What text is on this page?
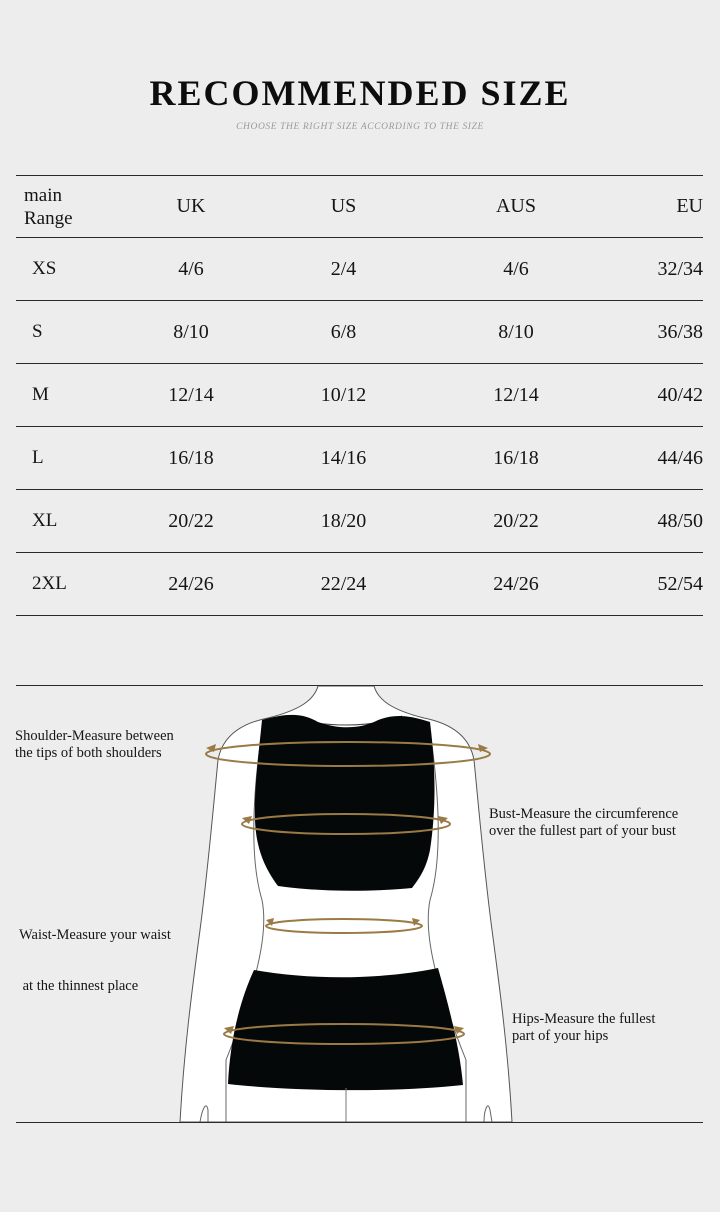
RECOMMENDED SIZE
CHOOSE THE RIGHT SIZE ACCORDING TO THE SIZE
main
Range	UK	US	AUS	EU
XS	4/6	2/4	4/6	32/34
S	8/10	6/8	8/10	36/38
M	12/14	10/12	12/14	40/42
L	16/18	14/16	16/18	44/46
XL	20/22	18/20	20/22	48/50
2XL	24/26	22/24	24/26	52/54
Shoulder-Measure between
the tips of both shoulders
Bust-Measure the circumference
over the fullest part of your bust

Waist-Measure your waist

at the thinnest place

Hips-Measure the fullest
part of your hips
